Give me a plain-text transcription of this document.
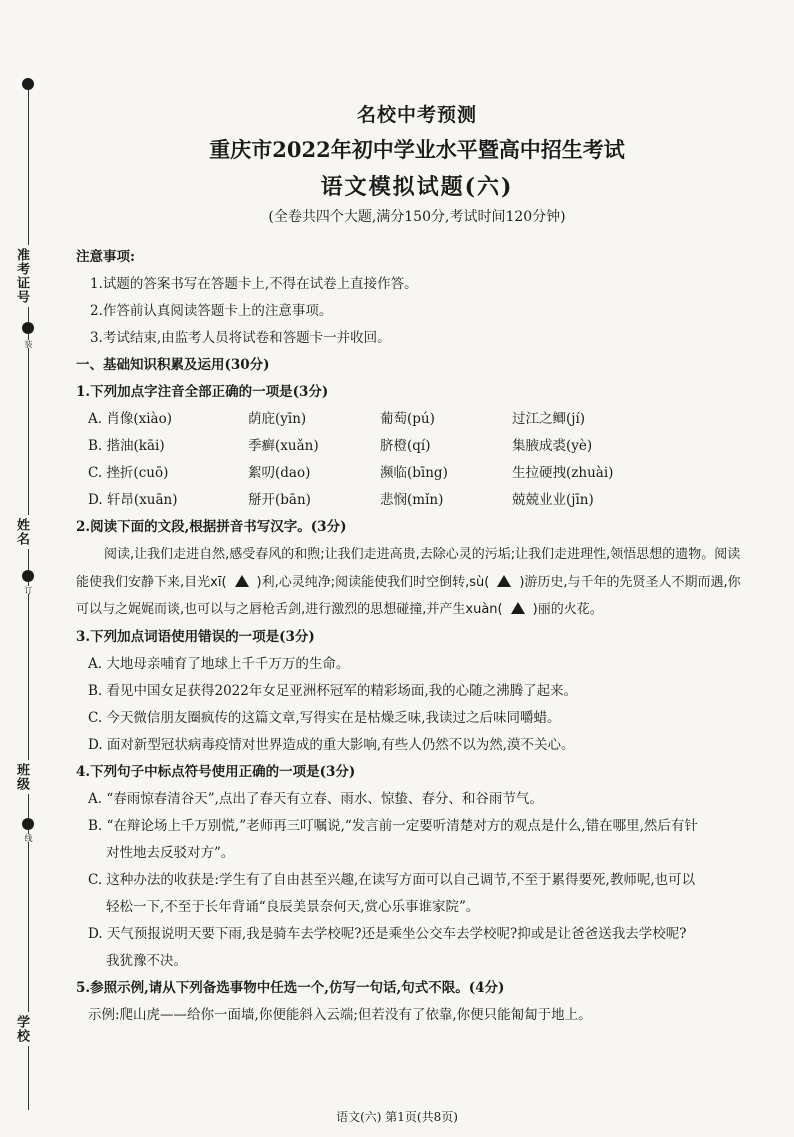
准考证号
姓名
班级
学校
装
订
线
名校中考预测
重庆市2022年初中学业水平暨高中招生考试
语文模拟试题(六)
(全卷共四个大题,满分150分,考试时间120分钟)

注意事项:

1.试题的答案书写在答题卡上,不得在试卷上直接作答。

2.作答前认真阅读答题卡上的注意事项。

3.考试结束,由监考人员将试卷和答题卡一并收回。

一、基础知识积累及运用(30分)

1.下列加点字注音全部正确的一项是(3分)

A. 肖像(xiào)	荫庇(yīn)	葡萄(pú)	过江之鲫(jí)
B. 揩油(kāi)	季癣(xuǎn)	脐橙(qí)	集腋成裘(yè)
C. 挫折(cuō)	絮叨(dao)	濒临(bīng)	生拉硬拽(zhuài)
D. 轩昂(xuān)	掰开(bān)	悲悯(mǐn)	兢兢业业(jīn)

2.阅读下面的文段,根据拼音书写汉字。(3分)

阅读,让我们走进自然,感受春风的和煦;让我们走进高贵,去除心灵的污垢;让我们走进理性,领悟思想的遗物。阅读能使我们安静下来,目光xī( )利,心灵纯净;阅读能使我们时空倒转,sù( )游历史,与千年的先贤圣人不期而遇,你可以与之娓娓而谈,也可以与之唇枪舌剑,进行激烈的思想碰撞,并产生xuàn( )丽的火花。

3.下列加点词语使用错误的一项是(3分)

A. 大地母亲哺育了地球上千千万万的生命。

B. 看见中国女足获得2022年女足亚洲杯冠军的精彩场面,我的心随之沸腾了起来。

C. 今天微信朋友圈疯传的这篇文章,写得实在是枯燥乏味,我读过之后味同嚼蜡。

D. 面对新型冠状病毒疫情对世界造成的重大影响,有些人仍然不以为然,漠不关心。

4.下列句子中标点符号使用正确的一项是(3分)

A. “春雨惊春清谷天”,点出了春天有立春、雨水、惊蛰、春分、和谷雨节气。

B. “在辩论场上千万别慌,”老师再三叮嘱说,“发言前一定要听清楚对方的观点是什么,错在哪里,然后有针

对性地去反驳对方”。

C. 这种办法的收获是:学生有了自由甚至兴趣,在读写方面可以自己调节,不至于累得要死,教师呢,也可以

轻松一下,不至于长年背诵“良辰美景奈何天,赏心乐事谁家院”。

D. 天气预报说明天要下雨,我是骑车去学校呢?还是乘坐公交车去学校呢?抑或是让爸爸送我去学校呢?

我犹豫不决。

5.参照示例,请从下列备选事物中任选一个,仿写一句话,句式不限。(4分)

示例:爬山虎——给你一面墙,你便能斜入云端;但若没有了依靠,你便只能匍匐于地上。

语文(六) 第1页(共8页)
